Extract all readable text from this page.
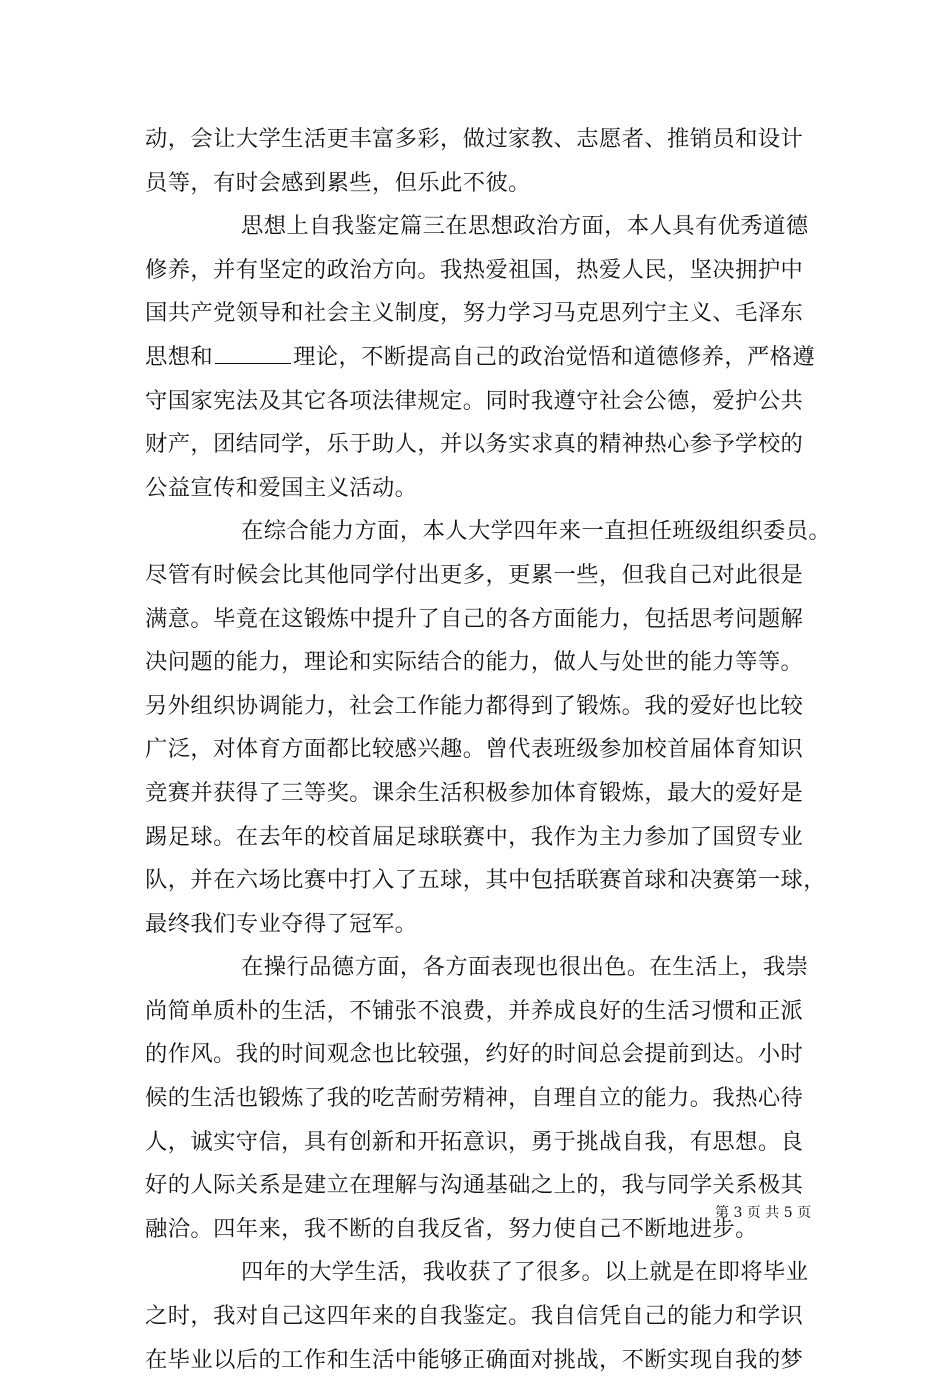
动，会让大学生活更丰富多彩，做过家教、志愿者、推销员和设计
员等，有时会感到累些，但乐此不彼。
思想上自我鉴定篇三在思想政治方面，本人具有优秀道德
修养，并有坚定的政治方向。我热爱祖国，热爱人民，坚决拥护中
国共产党领导和社会主义制度，努力学习马克思列宁主义、毛泽东
思想和	理论，不断提高自己的政治觉悟和道德修养，严格遵
守国家宪法及其它各项法律规定。同时我遵守社会公德，爱护公共
财产，团结同学，乐于助人，并以务实求真的精神热心参予学校的
公益宣传和爱国主义活动。
在综合能力方面，本人大学四年来一直担任班级组织委员。
尽管有时候会比其他同学付出更多，更累一些，但我自己对此很是
满意。毕竟在这锻炼中提升了自己的各方面能力，包括思考问题解
决问题的能力，理论和实际结合的能力，做人与处世的能力等等。
另外组织协调能力，社会工作能力都得到了锻炼。我的爱好也比较
广泛，对体育方面都比较感兴趣。曾代表班级参加校首届体育知识
竞赛并获得了三等奖。课余生活积极参加体育锻炼，最大的爱好是
踢足球。在去年的校首届足球联赛中，我作为主力参加了国贸专业
队，并在六场比赛中打入了五球，其中包括联赛首球和决赛第一球，
最终我们专业夺得了冠军。
在操行品德方面，各方面表现也很出色。在生活上，我崇
尚简单质朴的生活，不铺张不浪费，并养成良好的生活习惯和正派
的作风。我的时间观念也比较强，约好的时间总会提前到达。小时
候的生活也锻炼了我的吃苦耐劳精神，自理自立的能力。我热心待
人，诚实守信，具有创新和开拓意识，勇于挑战自我，有思想。良
好的人际关系是建立在理解与沟通基础之上的，我与同学关系极其
融洽。四年来，我不断的自我反省，努力使自己不断地进步。
四年的大学生活，我收获了了很多。以上就是在即将毕业
之时，我对自己这四年来的自我鉴定。我自信凭自己的能力和学识
在毕业以后的工作和生活中能够正确面对挑战，不断实现自我的梦
第 3 页 共 5 页
